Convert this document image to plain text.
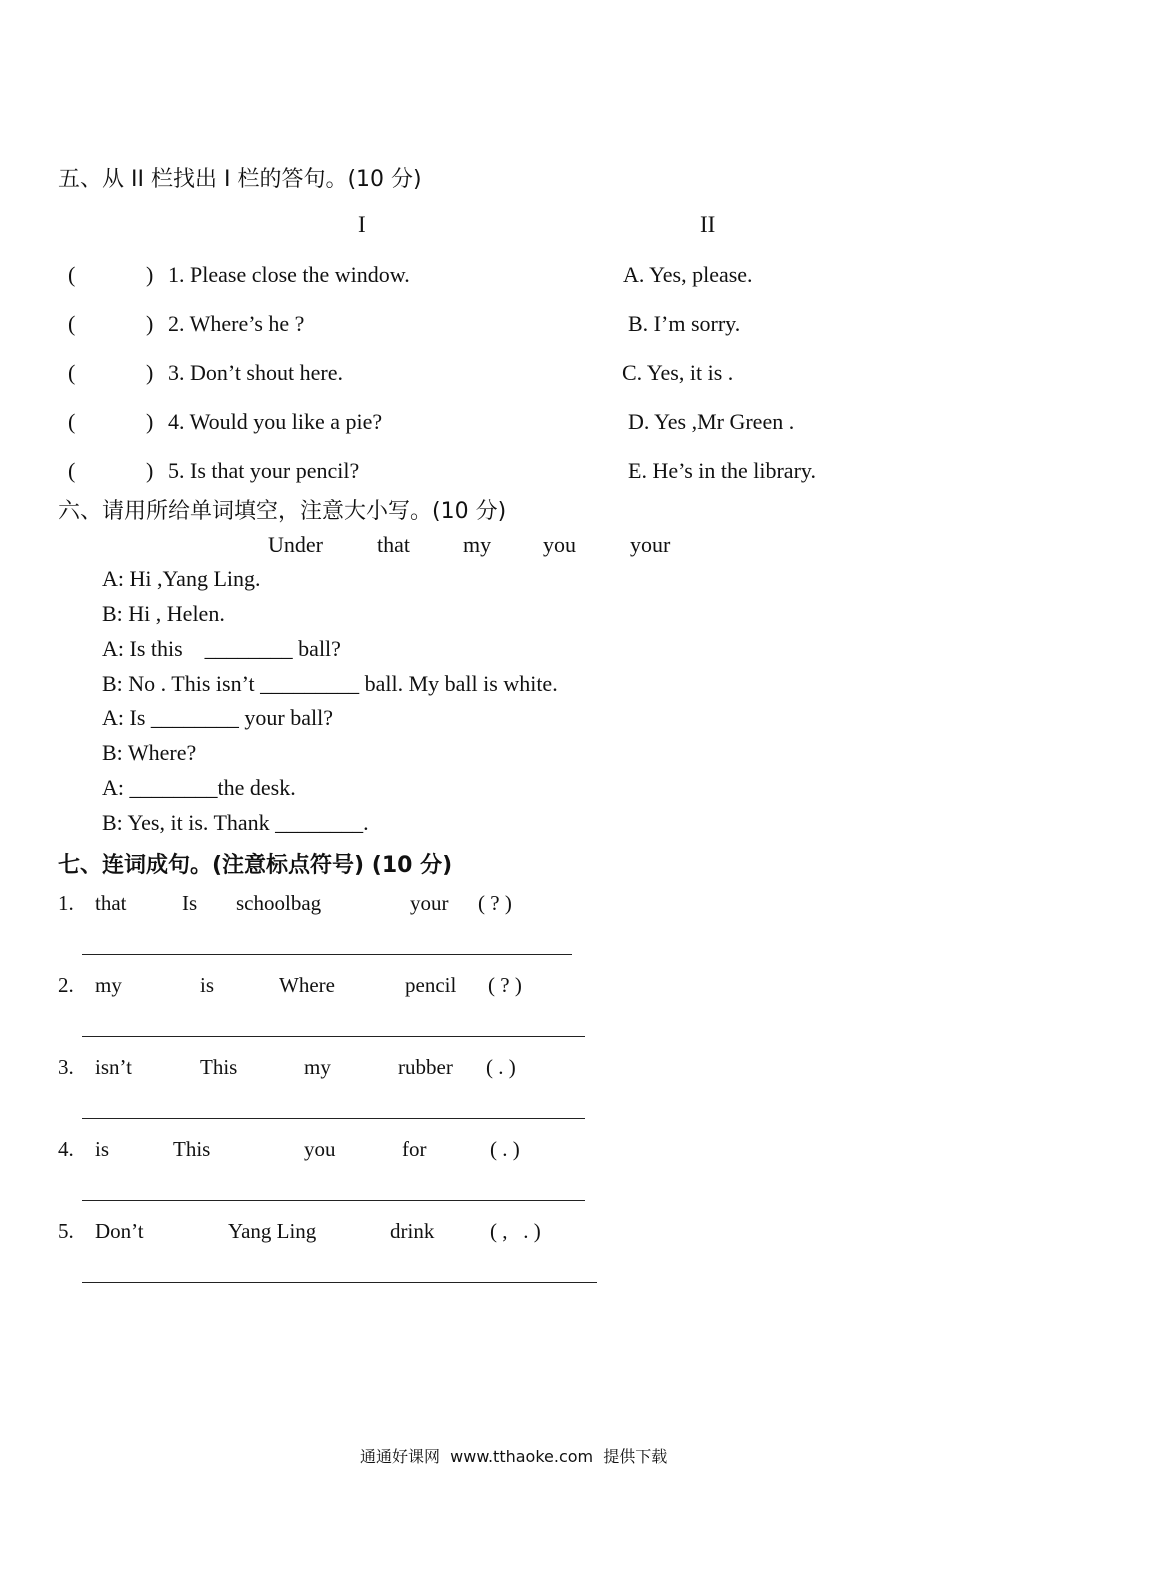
五、从 II 栏找出 I 栏的答句。(10 分)
I	II
(	) 1. Please close the window.	A. Yes, please.
(	) 2. Where’s he ?	B. I’m sorry.
(	) 3. Don’t shout here.	C. Yes, it is .
(	) 4. Would you like a pie?	D. Yes ,Mr Green .
(	) 5. Is that your pencil?	E. He’s in the library.
六、请用所给单词填空，注意大小写。(10 分)
Under that my you your
A: Hi ,Yang Ling.
B: Hi , Helen.
A: Is this    ________ ball?
B: No . This isn’t _________ ball. My ball is white.
A: Is ________ your ball?
B: Where?
A: ________the desk.
B: Yes, it is. Thank ________.
七、连词成句。(注意标点符号) (10 分)
1. that	Is schoolbag	your ( ? )
2. my	is	Where	pencil ( ? )
3. isn’t	This	my	rubber ( . )
4. is	This	you	for	( . )
5. Don’t	Yang Ling	drink	( ,   . )
通通好课网  www.tthaoke.com  提供下载
